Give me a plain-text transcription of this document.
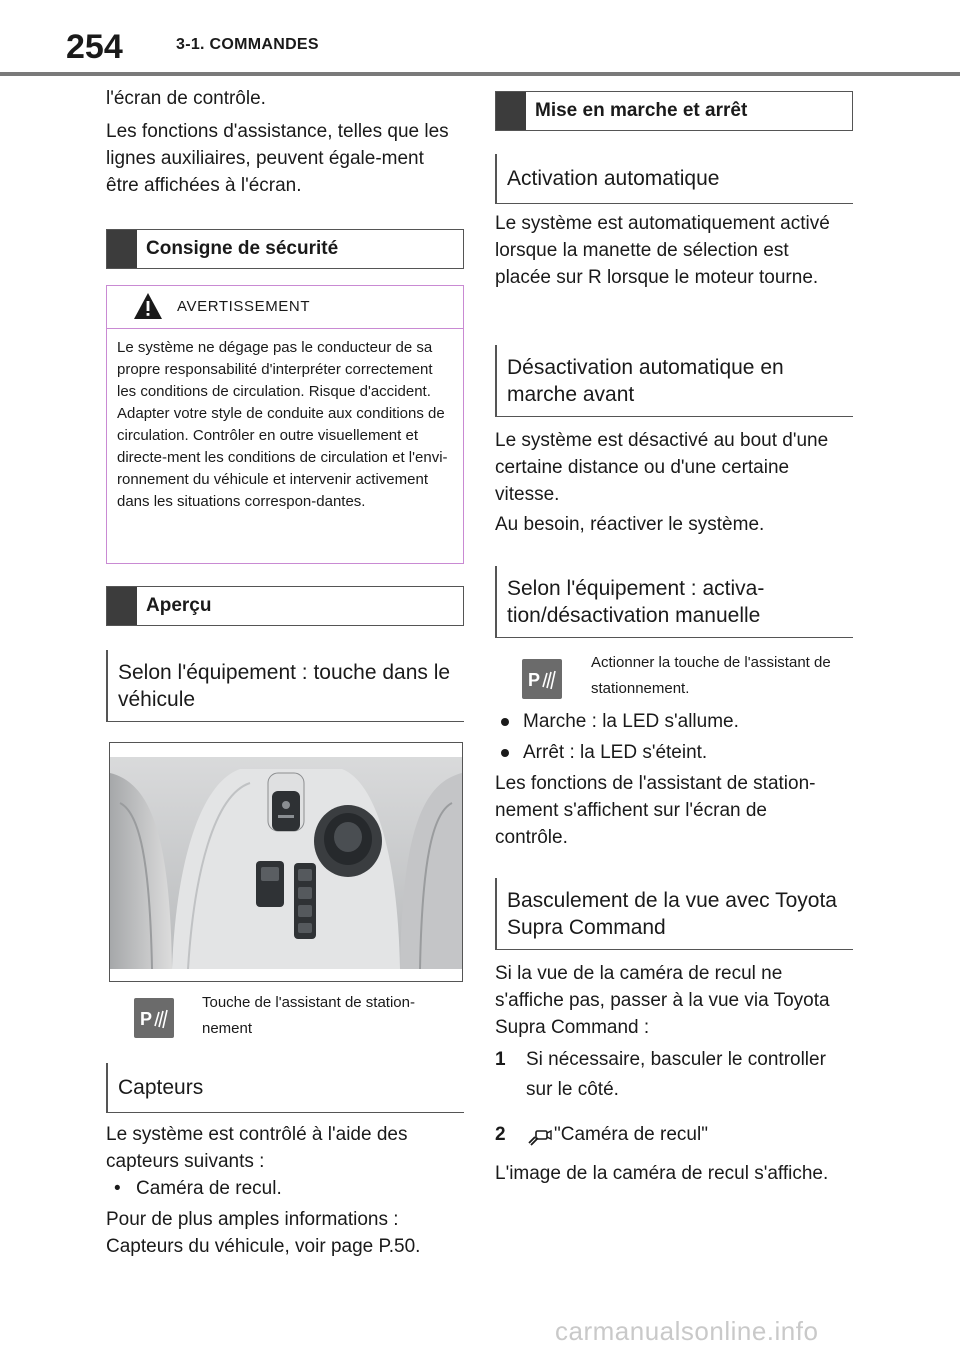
254	3-1. COMMANDES

l'écran de contrôle.

Les fonctions d'assistance, telles que les lignes auxiliaires, peuvent égale-ment être affichées à l'écran.

Consigne de sécurité
AVERTISSEMENT
Le système ne dégage pas le conducteur de sa propre responsabilité d'interpréter correctement les conditions de circulation. Risque d'accident. Adapter votre style de conduite aux conditions de circulation. Contrôler en outre visuellement et directe-ment les conditions de circulation et l'envi-ronnement du véhicule et intervenir activement dans les situations correspon-dantes.
Aperçu
Selon l'équipement : touche dans le véhicule
P
Touche de l'assistant de station-nement
Capteurs

Le système est contrôlé à l'aide des capteurs suivants :

• Caméra de recul.

Pour de plus amples informations : Capteurs du véhicule, voir page P.50.

Mise en marche et arrêt
Activation automatique

Le système est automatiquement activé lorsque la manette de sélection est placée sur R lorsque le moteur tourne.

Désactivation automatique en marche avant

Le système est désactivé au bout d'une certaine distance ou d'une certaine vitesse.

Au besoin, réactiver le système.

Selon l'équipement : activa-tion/désactivation manuelle
P
Actionner la touche de l'assistant de stationnement.
Marche : la LED s'allume.
Arrêt : la LED s'éteint.

Les fonctions de l'assistant de station-nement s'affichent sur l'écran de contrôle.

Basculement de la vue avec Toyota Supra Command

Si la vue de la caméra de recul ne s'affiche pas, passer à la vue via Toyota Supra Command :

1	Si nécessaire, basculer le controller sur le côté.
2	"Caméra de recul"

L'image de la caméra de recul s'affiche.

carmanualsonline.info
